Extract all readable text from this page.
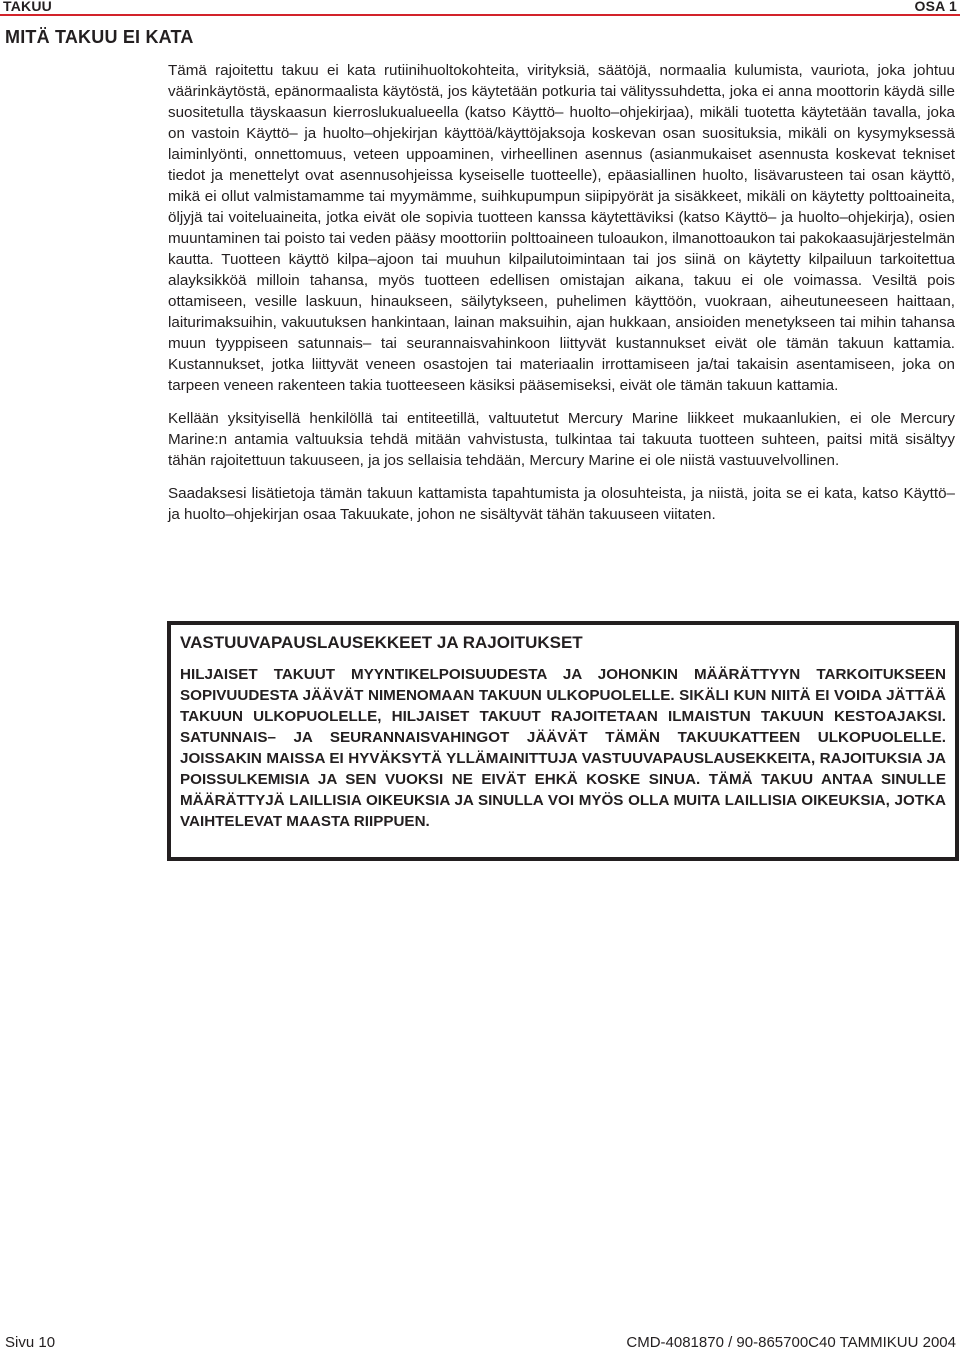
TAKUU	OSA 1
MITÄ TAKUU EI KATA

Tämä rajoitettu takuu ei kata rutiinihuoltokohteita, virityksiä, säätöjä, normaalia kulumista, vauriota, joka johtuu väärinkäytöstä, epänormaalista käytöstä, jos käytetään potkuria tai välityssuhdetta, joka ei anna moottorin käydä sille suositetulla täyskaasun kierroslukualueella (katso Käyttö– huolto–ohjekirjaa), mikäli tuotetta käytetään tavalla, joka on vastoin Käyttö– ja huolto–ohjekirjan käyttöä/käyttöjaksoja koskevan osan suosituksia, mikäli on kysymyksessä laiminlyönti, onnettomuus, veteen uppoaminen, virheellinen asennus (asianmukaiset asennusta koskevat tekniset tiedot ja menettelyt ovat asennusohjeissa kyseiselle tuotteelle), epäasiallinen huolto, lisävarusteen tai osan käyttö, mikä ei ollut valmistamamme tai myymämme, suihkupumpun siipipyörät ja sisäkkeet, mikäli on käytetty polttoaineita, öljyjä tai voiteluaineita, jotka eivät ole sopivia tuotteen kanssa käytettäviksi (katso Käyttö– ja huolto–ohjekirja), osien muuntaminen tai poisto tai veden pääsy moottoriin polttoaineen tuloaukon, ilmanottoaukon tai pakokaasujärjestelmän kautta. Tuotteen käyttö kilpa–ajoon tai muuhun kilpailutoimintaan tai jos siinä on käytetty kilpailuun tarkoitettua alayksikköä milloin tahansa, myös tuotteen edellisen omistajan aikana, takuu ei ole voimassa. Vesiltä pois ottamiseen, vesille laskuun, hinaukseen, säilytykseen, puhelimen käyttöön, vuokraan, aiheutuneeseen haittaan, laiturimaksuihin, vakuutuksen hankintaan, lainan maksuihin, ajan hukkaan, ansioiden menetykseen tai mihin tahansa muun tyyppiseen satunnais– tai seurannaisvahinkoon liittyvät kustannukset eivät ole tämän takuun kattamia. Kustannukset, jotka liittyvät veneen osastojen tai materiaalin irrottamiseen ja/tai takaisin asentamiseen, joka on tarpeen veneen rakenteen takia tuotteeseen käsiksi pääsemiseksi, eivät ole tämän takuun kattamia.

Kellään yksityisellä henkilöllä tai entiteetillä, valtuutetut Mercury Marine liikkeet mukaanlukien, ei ole Mercury Marine:n antamia valtuuksia tehdä mitään vahvistusta, tulkintaa tai takuuta tuotteen suhteen, paitsi mitä sisältyy tähän rajoitettuun takuuseen, ja jos sellaisia tehdään, Mercury Marine ei ole niistä vastuuvelvollinen.

Saadaksesi lisätietoja tämän takuun kattamista tapahtumista ja olosuhteista, ja niistä, joita se ei kata, katso Käyttö– ja huolto–ohjekirjan osaa Takuukate, johon ne sisältyvät tähän takuuseen viitaten.

VASTUUVAPAUSLAUSEKKEET JA RAJOITUKSET

HILJAISET TAKUUT MYYNTIKELPOISUUDESTA JA JOHONKIN MÄÄRÄTTYYN TARKOITUKSEEN SOPIVUUDESTA JÄÄVÄT NIMENOMAAN TAKUUN ULKOPUOLELLE. SIKÄLI KUN NIITÄ EI VOIDA JÄTTÄÄ TAKUUN ULKOPUOLELLE, HILJAISET TAKUUT RAJOITETAAN ILMAISTUN TAKUUN KESTOAJAKSI. SATUNNAIS– JA SEURANNAISVAHINGOT JÄÄVÄT TÄMÄN TAKUUKATTEEN ULKOPUOLELLE. JOISSAKIN MAISSA EI HYVÄKSYTÄ YLLÄMAINITTUJA VASTUUVAPAUSLAUSEKKEITA, RAJOITUKSIA JA POISSULKEMISIA JA SEN VUOKSI NE EIVÄT EHKÄ KOSKE SINUA. TÄMÄ TAKUU ANTAA SINULLE MÄÄRÄTTYJÄ LAILLISIA OIKEUKSIA JA SINULLA VOI MYÖS OLLA MUITA LAILLISIA OIKEUKSIA, JOTKA VAIHTELEVAT MAASTA RIIPPUEN.

Sivu 10	CMD-4081870 / 90-865700C40 TAMMIKUU 2004
